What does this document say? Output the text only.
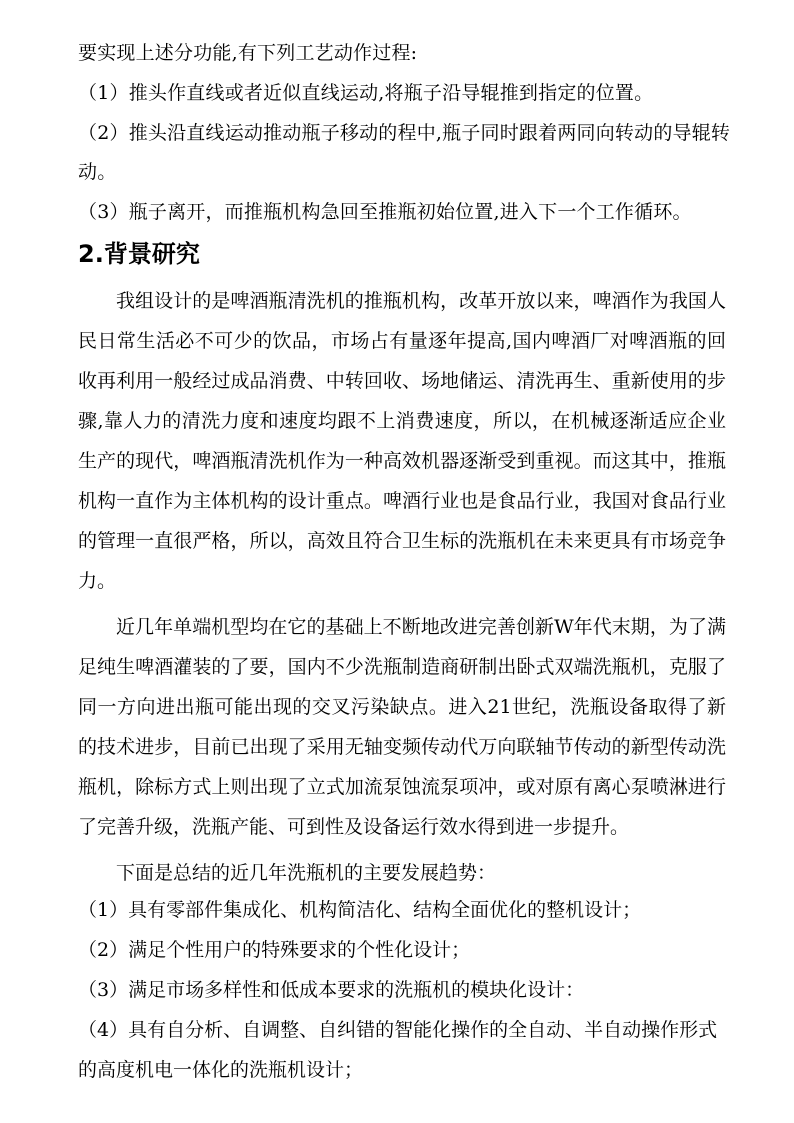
要实现上述分功能,有下列工艺动作过程:

（1）推头作直线或者近似直线运动,将瓶子沿导辊推到指定的位置。

（2）推头沿直线运动推动瓶子移动的程中,瓶子同时跟着两同向转动的导辊转

动。

（3）瓶子离开，而推瓶机构急回至推瓶初始位置,进入下一个工作循环。

2.背景研究

我组设计的是啤酒瓶清洗机的推瓶机构，改革开放以来，啤酒作为我国人民日常生活必不可少的饮品，市场占有量逐年提高,国内啤酒厂对啤酒瓶的回收再利用一般经过成品消费、中转回收、场地储运、清洗再生、重新使用的步骤,靠人力的清洗力度和速度均跟不上消费速度，所以，在机械逐渐适应企业生产的现代，啤酒瓶清洗机作为一种高效机器逐渐受到重视。而这其中，推瓶机构一直作为主体机构的设计重点。啤酒行业也是食品行业，我国对食品行业的管理一直很严格，所以，高效且符合卫生标的洗瓶机在未来更具有市场竞争力。

近几年单端机型均在它的基础上不断地改进完善创新W年代末期，为了满足纯生啤酒灌装的了要，国内不少洗瓶制造商研制出卧式双端洗瓶机，克服了同一方向进出瓶可能出现的交叉污染缺点。进入21世纪，洗瓶设备取得了新的技术进步，目前已出现了采用无轴变频传动代万向联轴节传动的新型传动洗瓶机，除标方式上则出现了立式加流泵蚀流泵项冲，或对原有离心泵喷淋进行了完善升级，洗瓶产能、可到性及设备运行效水得到进一步提升。

下面是总结的近几年洗瓶机的主要发展趋势：

（1）具有零部件集成化、机构简洁化、结构全面优化的整机设计；

（2）满足个性用户的特殊要求的个性化设计；

（3）满足市场多样性和低成本要求的洗瓶机的模块化设计：

（4）具有自分析、自调整、自纠错的智能化操作的全自动、半自动操作形式 的高度机电一体化的洗瓶机设计；
